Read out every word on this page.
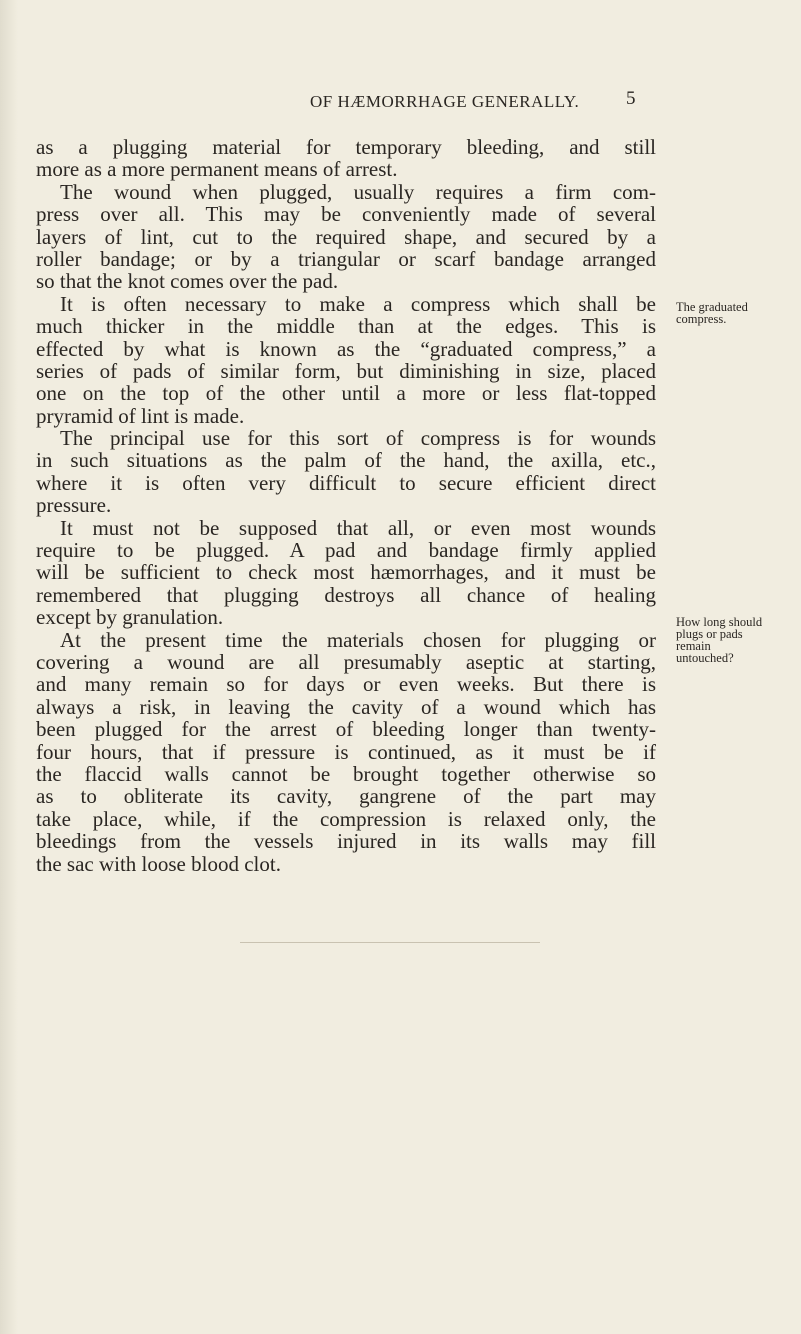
OF HÆMORRHAGE GENERALLY. 5
as a plugging material for temporary bleeding, and still
more as a more permanent means of arrest.
The wound when plugged, usually requires a firm com-
press over all. This may be conveniently made of several
layers of lint, cut to the required shape, and secured by a
roller bandage; or by a triangular or scarf bandage arranged
so that the knot comes over the pad.
It is often necessary to make a compress which shall be
much thicker in the middle than at the edges. This is
effected by what is known as the “graduated compress,” a
series of pads of similar form, but diminishing in size, placed
one on the top of the other until a more or less flat-topped
pryramid of lint is made.
The principal use for this sort of compress is for wounds
in such situations as the palm of the hand, the axilla, etc.,
where it is often very difficult to secure efficient direct
pressure.
It must not be supposed that all, or even most wounds
require to be plugged. A pad and bandage firmly applied
will be sufficient to check most hæmorrhages, and it must be
remembered that plugging destroys all chance of healing
except by granulation.
At the present time the materials chosen for plugging or
covering a wound are all presumably aseptic at starting,
and many remain so for days or even weeks. But there is
always a risk, in leaving the cavity of a wound which has
been plugged for the arrest of bleeding longer than twenty-
four hours, that if pressure is continued, as it must be if
the flaccid walls cannot be brought together otherwise so
as to obliterate its cavity, gangrene of the part may
take place, while, if the compression is relaxed only, the
bleedings from the vessels injured in its walls may fill
the sac with loose blood clot.
The graduated
compress.
How long should
plugs or pads
remain
untouched?
